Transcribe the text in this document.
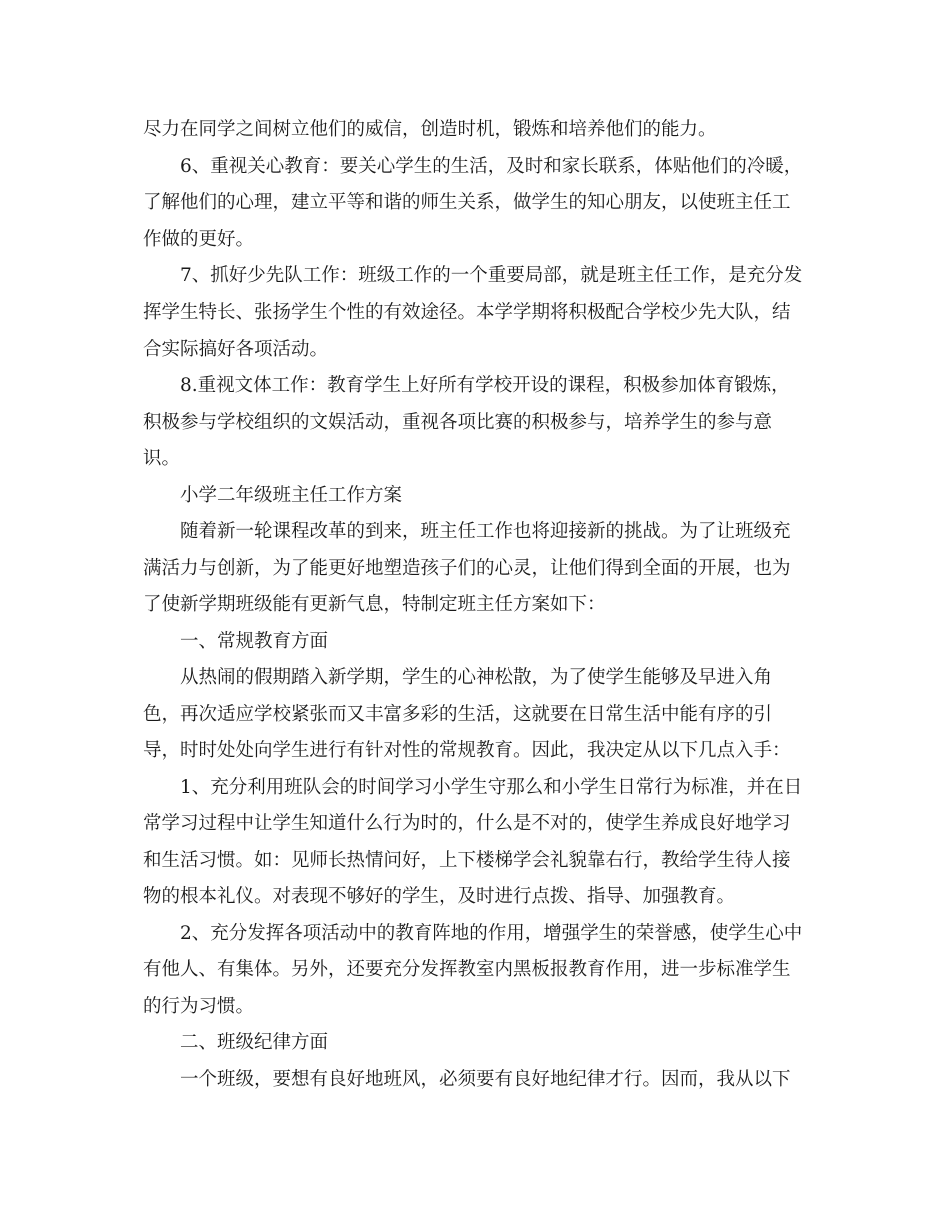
尽力在同学之间树立他们的威信，创造时机，锻炼和培养他们的能力。

6、重视关心教育：要关心学生的生活，及时和家长联系，体贴他们的冷暖，

了解他们的心理，建立平等和谐的师生关系，做学生的知心朋友，以使班主任工

作做的更好。

7、抓好少先队工作：班级工作的一个重要局部，就是班主任工作，是充分发

挥学生特长、张扬学生个性的有效途径。本学学期将积极配合学校少先大队，结

合实际搞好各项活动。

8.重视文体工作：教育学生上好所有学校开设的课程，积极参加体育锻炼，

积极参与学校组织的文娱活动，重视各项比赛的积极参与，培养学生的参与意

识。

小学二年级班主任工作方案

随着新一轮课程改革的到来，班主任工作也将迎接新的挑战。为了让班级充

满活力与创新，为了能更好地塑造孩子们的心灵，让他们得到全面的开展，也为

了使新学期班级能有更新气息，特制定班主任方案如下：

一、常规教育方面

从热闹的假期踏入新学期，学生的心神松散，为了使学生能够及早进入角

色，再次适应学校紧张而又丰富多彩的生活，这就要在日常生活中能有序的引

导，时时处处向学生进行有针对性的常规教育。因此，我决定从以下几点入手：

1、充分利用班队会的时间学习小学生守那么和小学生日常行为标准，并在日

常学习过程中让学生知道什么行为时的，什么是不对的，使学生养成良好地学习

和生活习惯。如：见师长热情问好，上下楼梯学会礼貌靠右行，教给学生待人接

物的根本礼仪。对表现不够好的学生，及时进行点拨、指导、加强教育。

2、充分发挥各项活动中的教育阵地的作用，增强学生的荣誉感，使学生心中

有他人、有集体。另外，还要充分发挥教室内黑板报教育作用，进一步标准学生

的行为习惯。

二、班级纪律方面

一个班级，要想有良好地班风，必须要有良好地纪律才行。因而，我从以下
